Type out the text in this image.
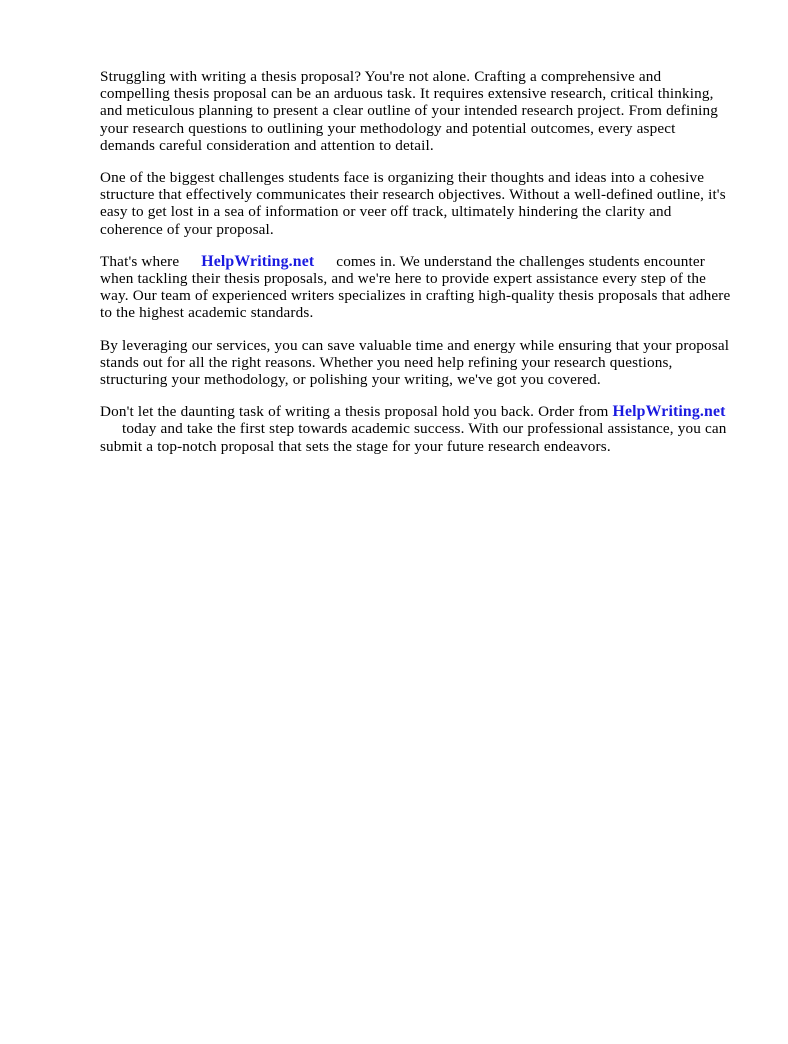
Struggling with writing a thesis proposal? You're not alone. Crafting a comprehensive and compelling thesis proposal can be an arduous task. It requires extensive research, critical thinking, and meticulous planning to present a clear outline of your intended research project. From defining your research questions to outlining your methodology and potential outcomes, every aspect demands careful consideration and attention to detail.

One of the biggest challenges students face is organizing their thoughts and ideas into a cohesive structure that effectively communicates their research objectives. Without a well-defined outline, it's easy to get lost in a sea of information or veer off track, ultimately hindering the clarity and coherence of your proposal.

That's where HelpWriting.net comes in. We understand the challenges students encounter when tackling their thesis proposals, and we're here to provide expert assistance every step of the way. Our team of experienced writers specializes in crafting high-quality thesis proposals that adhere to the highest academic standards.

By leveraging our services, you can save valuable time and energy while ensuring that your proposal stands out for all the right reasons. Whether you need help refining your research questions, structuring your methodology, or polishing your writing, we've got you covered.

Don't let the daunting task of writing a thesis proposal hold you back. Order from HelpWriting.nettoday and take the first step towards academic success. With our professional assistance, you can submit a top-notch proposal that sets the stage for your future research endeavors.
